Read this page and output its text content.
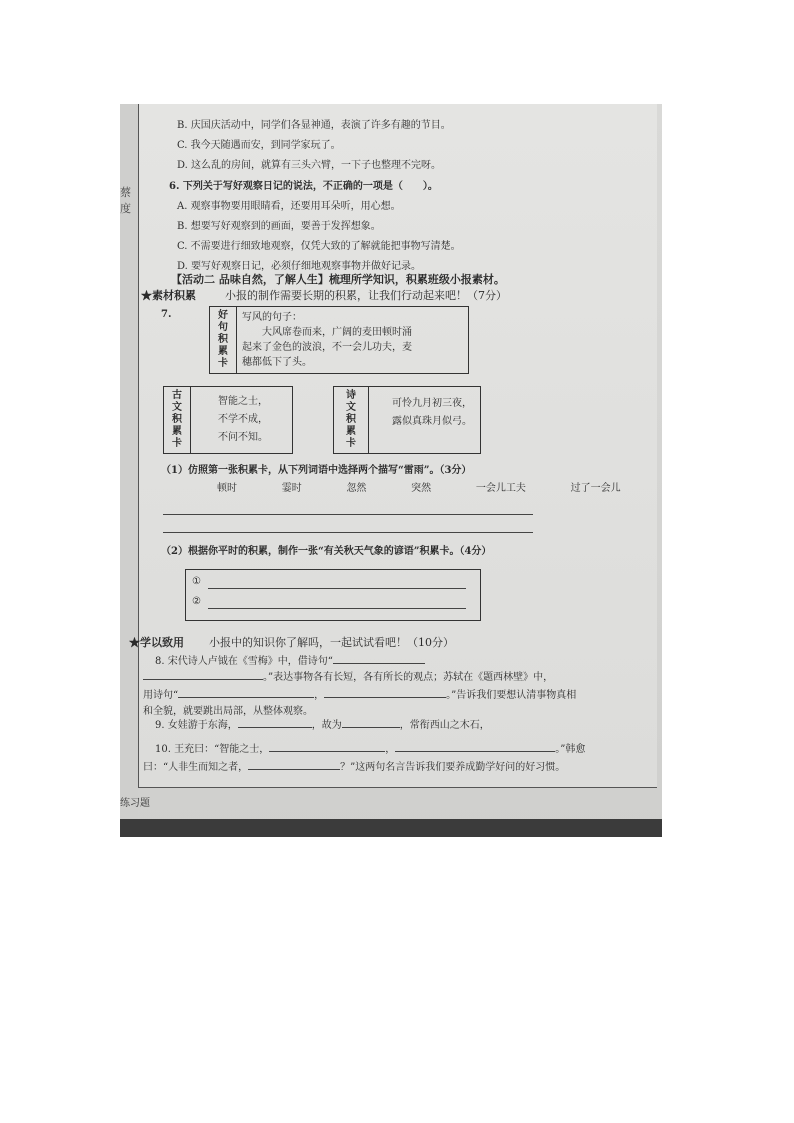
蔡
度
B. 庆国庆活动中，同学们各显神通，表演了许多有趣的节目。
C. 我今天随遇而安，到同学家玩了。
D. 这么乱的房间，就算有三头六臂，一下子也整理不完呀。
6. 下列关于写好观察日记的说法，不正确的一项是（　　）。
A. 观察事物要用眼睛看，还要用耳朵听，用心想。
B. 想要写好观察到的画面，要善于发挥想象。
C. 不需要进行细致地观察，仅凭大致的了解就能把事物写清楚。
D. 要写好观察日记，必须仔细地观察事物并做好记录。
【活动二 品味自然，了解人生】梳理所学知识，积累班级小报素材。
★素材积累	小报的制作需要长期的积累，让我们行动起来吧！（7分）
7.	好
句
积
累
卡
写风的句子：
大风席卷而来，广阔的麦田顿时涌
起来了金色的波浪，不一会儿功夫，麦
穗都低下了头。
古
文
积
累
卡
智能之士，
不学不成，
不问不知。
诗
文
积
累
卡
可怜九月初三夜，
露似真珠月似弓。
（1）仿照第一张积累卡，从下列词语中选择两个描写“雷雨”。（3分）
顿时	霎时	忽然	突然	一会儿工夫	过了一会儿
（2）根据你平时的积累，制作一张“有关秋天气象的谚语”积累卡。（4分）
①
②
★学以致用 小报中的知识你了解吗，一起试试看吧！（10分）
8. 宋代诗人卢钺在《雪梅》中，借诗句“
。”表达事物各有长短，各有所长的观点；苏轼在《题西林壁》中，
用诗句“	，	。”告诉我们要想认清事物真相
和全貌，就要跳出局部，从整体观察。
9. 女娃游于东海，	，故为	，常衔西山之木石，
10. 王充曰：“智能之士，	，	。”韩愈
曰：“人非生而知之者，	？”这两句名言告诉我们要养成勤学好问的好习惯。
练习题
